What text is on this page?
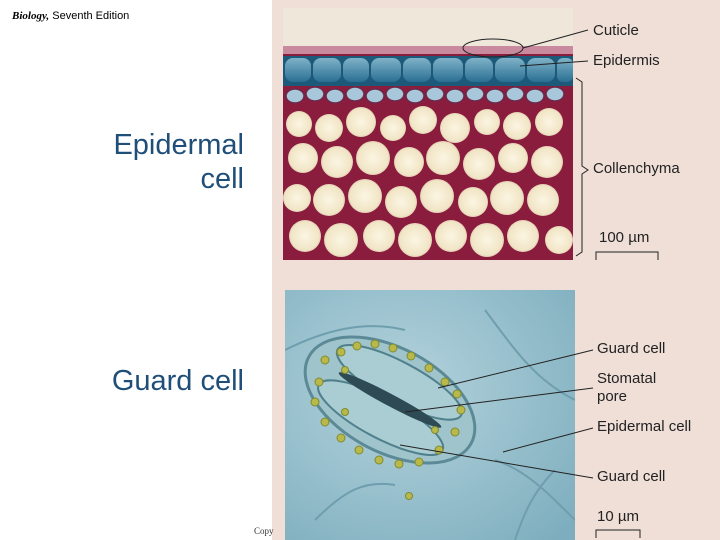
Biology, Seventh Edition
Epidermal
cell
Guard cell
Cuticle
Epidermis
Collenchyma
100 µm
Guard cell
Stomatal
pore
Epidermal cell
Guard cell
10 µm
Copy
